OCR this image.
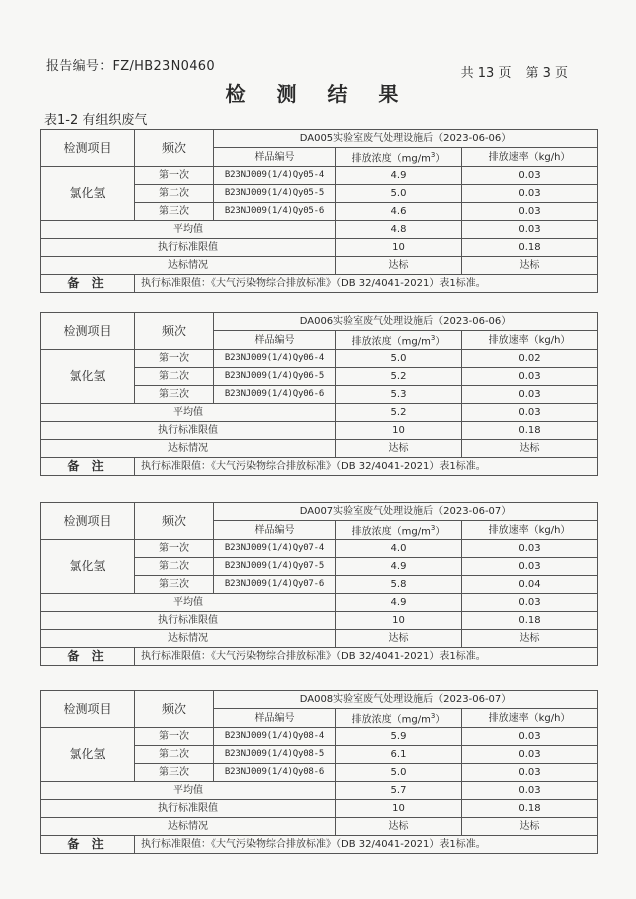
报告编号：FZ/HB23N0460	共 13 页 第 3 页
检 测 结 果
表1-2 有组织废气
检测项目	频次	DA005实验室废气处理设施后（2023-06-06）		
		样品编号	排放浓度$(mg/m^3)$	排放速率（kg/h）
氯化氢	第一次	B23NJ009(1/4)Qy05-4	4.9	0.03
	第二次	B23NJ009(1/4)Qy05-5	5.0	0.03
	第三次	B23NJ009(1/4)Qy05-6	4.6	0.03
平均值			4.8	0.03
执行标准限值			10	0.18
达标情况			达标	达标
备 注	执行标准限值：《大气污染物综合排放标准》（DB 32/4041-2021）表1标准。			
检测项目	频次	DA006实验室废气处理设施后（2023-06-06）		
		样品编号	排放浓度$(mg/m^3)$	排放速率（kg/h）
氯化氢	第一次	B23NJ009(1/4)Qy06-4	5.0	0.02
	第二次	B23NJ009(1/4)Qy06-5	5.2	0.03
	第三次	B23NJ009(1/4)Qy06-6	5.3	0.03
平均值			5.2	0.03
执行标准限值			10	0.18
达标情况			达标	达标
备 注	执行标准限值：《大气污染物综合排放标准》（DB 32/4041-2021）表1标准。			
检测项目	频次	DA007实验室废气处理设施后（2023-06-07）		
		样品编号	排放浓度$(mg/m^3)$	排放速率（kg/h）
氯化氢	第一次	B23NJ009(1/4)Qy07-4	4.0	0.03
	第二次	B23NJ009(1/4)Qy07-5	4.9	0.03
	第三次	B23NJ009(1/4)Qy07-6	5.8	0.04
平均值			4.9	0.03
执行标准限值			10	0.18
达标情况			达标	达标
备 注	执行标准限值：《大气污染物综合排放标准》（DB 32/4041-2021）表1标准。			
检测项目	频次	DA008实验室废气处理设施后（2023-06-07）		
		样品编号	排放浓度$(mg/m^3)$	排放速率（kg/h）
氯化氢	第一次	B23NJ009(1/4)Qy08-4	5.9	0.03
	第二次	B23NJ009(1/4)Qy08-5	6.1	0.03
	第三次	B23NJ009(1/4)Qy08-6	5.0	0.03
平均值			5.7	0.03
执行标准限值			10	0.18
达标情况			达标	达标
备 注	执行标准限值：《大气污染物综合排放标准》（DB 32/4041-2021）表1标准。			
